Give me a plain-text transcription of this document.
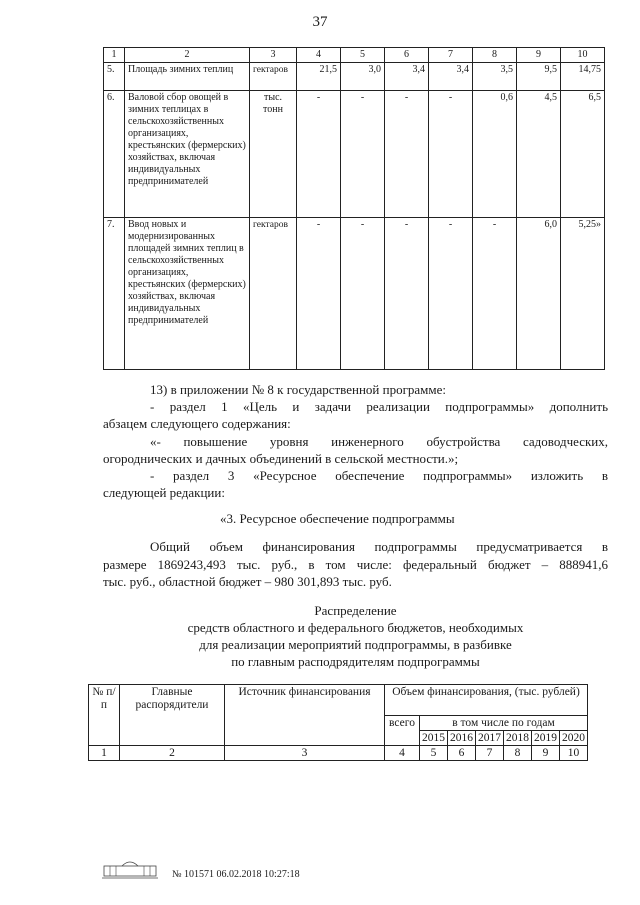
37
1	2	3	4	5	6	7	8	9	10
5.	Площадь зимних теплиц	гектаров	21,5	3,0	3,4	3,4	3,5	9,5	14,75
6.	Валовой сбор овощей в зимних теплицах в сельскохозяйственных организациях, крестьянских (фермерских) хозяйствах, включая индивидуальных предпринимателей	тыс. тонн	-	-	-	-	0,6	4,5	6,5
7.	Ввод новых и модернизированных площадей зимних теплиц в сельскохозяйственных организациях, крестьянских (фермерских) хозяйствах, включая индивидуальных предпринимателей	гектаров	-	-	-	-	-	6,0	5,25»
13) в приложении № 8 к государственной программе:
- раздел 1 «Цель и задачи реализации подпрограммы» дополнить
абзацем следующего содержания:
«- повышение уровня инженерного обустройства садоводческих,
огороднических и дачных объединений в сельской местности.»;
- раздел 3 «Ресурсное обеспечение подпрограммы» изложить в
следующей редакции:
«3. Ресурсное обеспечение подпрограммы
Общий объем финансирования подпрограммы предусматривается в
размере 1869243,493 тыс. руб., в том числе: федеральный бюджет – 888941,6
тыс. руб., областной бюджет – 980 301,893 тыс. руб.
Распределение
средств областного и федерального бюджетов, необходимых
для реализации мероприятий подпрограммы, в разбивке
по главным расподрядителям подпрограммы
№ п/п	Главные распорядители	Источник финансирования	Объем финансирования, (тыс. рублей)						
			всего	в том числе по годам					
				2015	2016	2017	2018	2019	2020
1	2	3	4	5	6	7	8	9	10
№ 101571 06.02.2018 10:27:18
